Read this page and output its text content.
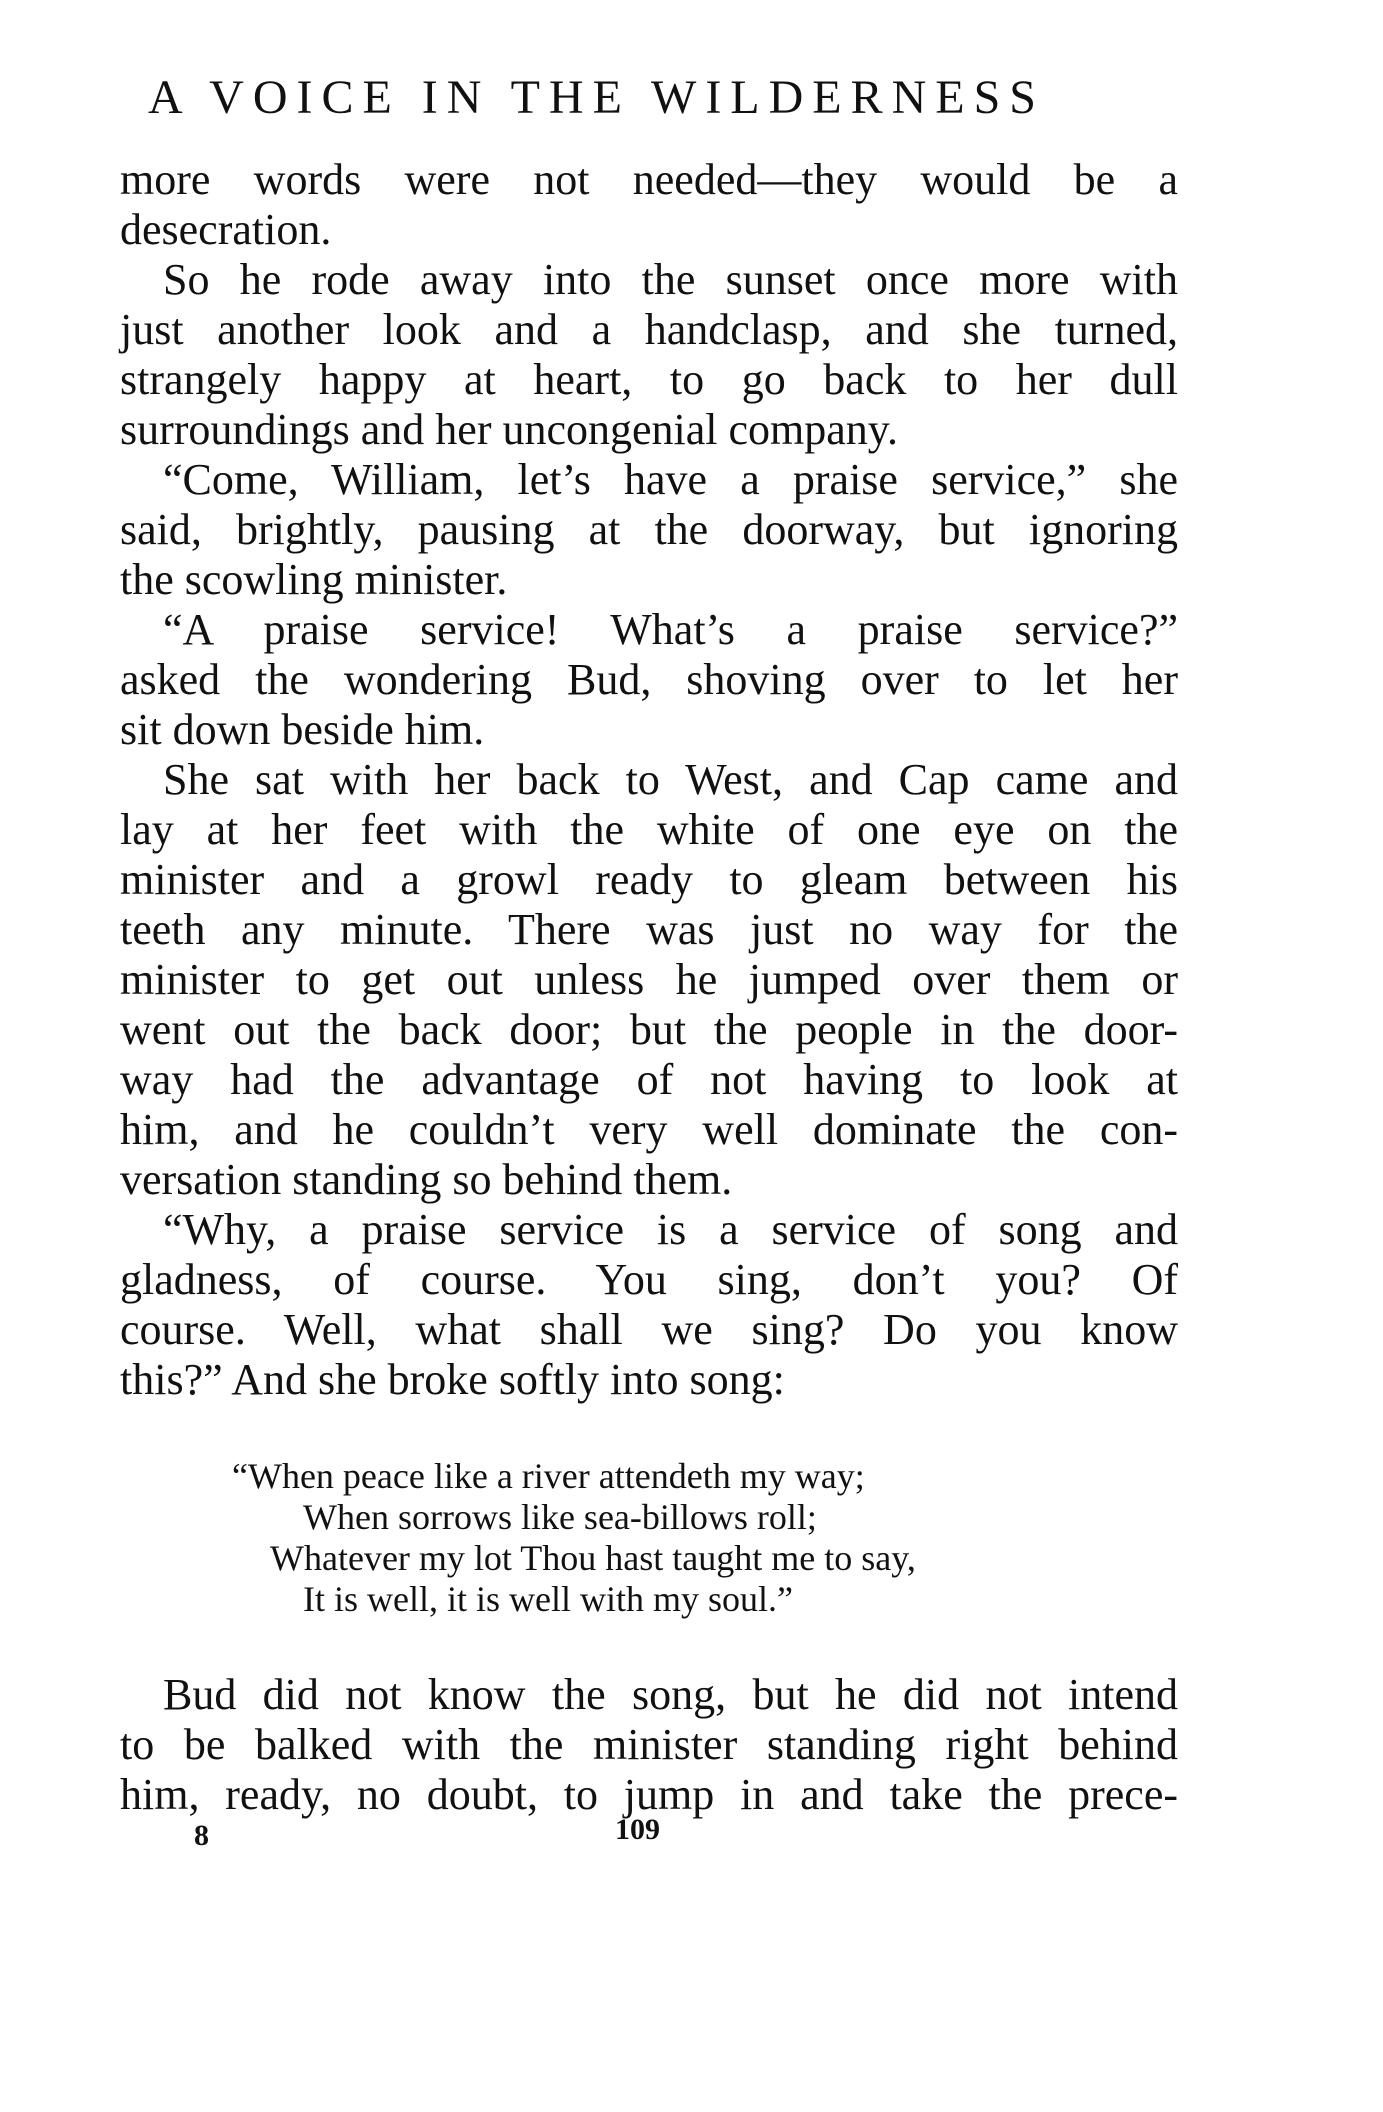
A VOICE IN THE WILDERNESS
more words were not needed—they would be a
desecration.
So he rode away into the sunset once more with
just another look and a handclasp, and she turned,
strangely happy at heart, to go back to her dull
surroundings and her uncongenial company.
“Come, William, let’s have a praise service,” she
said, brightly, pausing at the doorway, but ignoring
the scowling minister.
“A praise service! What’s a praise service?”
asked the wondering Bud, shoving over to let her
sit down beside him.
She sat with her back to West, and Cap came and
lay at her feet with the white of one eye on the
minister and a growl ready to gleam between his
teeth any minute. There was just no way for the
minister to get out unless he jumped over them or
went out the back door; but the people in the door-
way had the advantage of not having to look at
him, and he couldn’t very well dominate the con-
versation standing so behind them.
“Why, a praise service is a service of song and
gladness, of course. You sing, don’t you? Of
course. Well, what shall we sing? Do you know
this?” And she broke softly into song:
“When peace like a river attendeth my way;
When sorrows like sea-billows roll;
Whatever my lot Thou hast taught me to say,
It is well, it is well with my soul.”
Bud did not know the song, but he did not intend
to be balked with the minister standing right behind
him, ready, no doubt, to jump in and take the prece-
8	109
